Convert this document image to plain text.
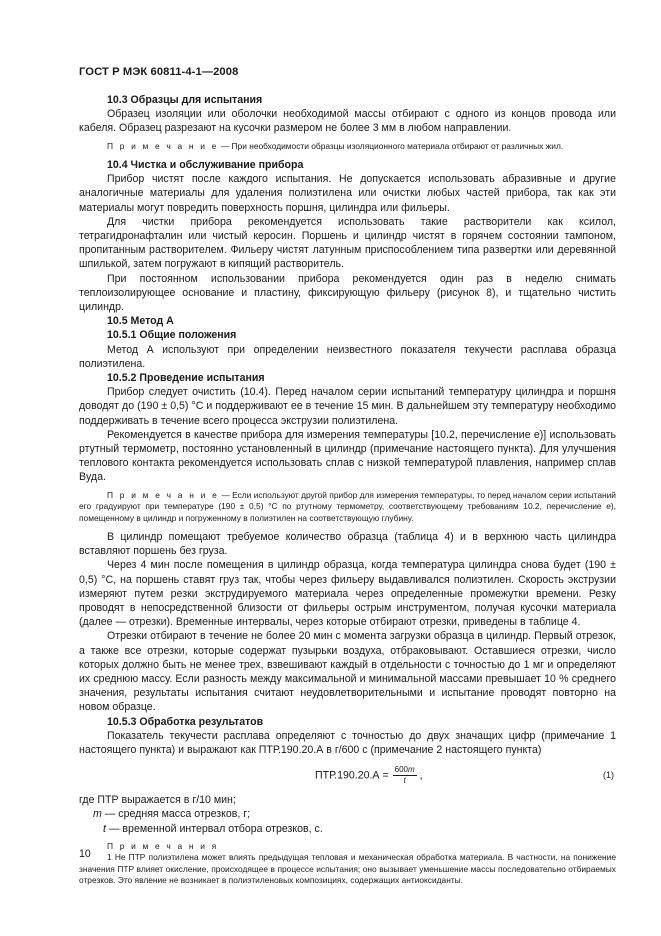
ГОСТ Р МЭК 60811-4-1—2008

10.3 Образцы для испытания

Образец изоляции или оболочки необходимой массы отбирают с одного из концов провода или кабеля. Образец разрезают на кусочки размером не более 3 мм в любом направлении.

П р и м е ч а н и е — При необходимости образцы изоляционного материала отбирают от различных жил.

10.4 Чистка и обслуживание прибора

Прибор чистят после каждого испытания. Не допускается использовать абразивные и другие аналогичные материалы для удаления полиэтилена или очистки любых частей прибора, так как эти материалы могут повредить поверхность поршня, цилиндра или фильеры.

Для чистки прибора рекомендуется использовать такие растворители как ксилол, тетрагидронафталин или чистый керосин. Поршень и цилиндр чистят в горячем состоянии тампоном, пропитанным растворителем. Фильеру чистят латунным приспособлением типа развертки или деревянной шпилькой, затем погружают в кипящий растворитель.

При постоянном использовании прибора рекомендуется один раз в неделю снимать теплоизолирующее основание и пластину, фиксирующую фильеру (рисунок 8), и тщательно чистить цилиндр.

10.5 Метод А

10.5.1 Общие положения

Метод А используют при определении неизвестного показателя текучести расплава образца полиэтилена.

10.5.2 Проведение испытания

Прибор следует очистить (10.4). Перед началом серии испытаний температуру цилиндра и поршня доводят до (190 ± 0,5) °С и поддерживают ее в течение 15 мин. В дальнейшем эту температуру необходимо поддерживать в течение всего процесса экструзии полиэтилена.

Рекомендуется в качестве прибора для измерения температуры [10.2, перечисление е)] использовать ртутный термометр, постоянно установленный в цилиндр (примечание настоящего пункта). Для улучшения теплового контакта рекомендуется использовать сплав с низкой температурой плавления, например сплав Вуда.

П р и м е ч а н и е — Если используют другой прибор для измерения температуры, то перед началом серии испытаний его градуируют при температуре (190 ± 0,5) °С по ртутному термометру, соответствующему требованиям 10.2, перечисление е), помещенному в цилиндр и погруженному в полиэтилен на соответствующую глубину.

В цилиндр помещают требуемое количество образца (таблица 4) и в верхнюю часть цилиндра вставляют поршень без груза.

Через 4 мин после помещения в цилиндр образца, когда температура цилиндра снова будет (190 ± 0,5) °С, на поршень ставят груз так, чтобы через фильеру выдавливался полиэтилен. Скорость экструзии измеряют путем резки экструдируемого материала через определенные промежутки времени. Резку проводят в непосредственной близости от фильеры острым инструментом, получая кусочки материала (далее — отрезки). Временные интервалы, через которые отбирают отрезки, приведены в таблице 4.

Отрезки отбирают в течение не более 20 мин с момента загрузки образца в цилиндр. Первый отрезок, а также все отрезки, которые содержат пузырьки воздуха, отбраковывают. Оставшиеся отрезки, число которых должно быть не менее трех, взвешивают каждый в отдельности с точностью до 1 мг и определяют их среднюю массу. Если разность между максимальной и минимальной массами превышает 10 % среднего значения, результаты испытания считают неудовлетворительными и испытание проводят повторно на новом образце.

10.5.3 Обработка результатов

Показатель текучести расплава определяют с точностью до двух значащих цифр (примечание 1 настоящего пункта) и выражают как ПТР.190.20.А в г/600 с (примечание 2 настоящего пункта)

$ПТР.190.20.А = \frac{600m}{t}$ ,	(1)

где ПТР выражается в г/10 мин;

m — средняя масса отрезков, г;

t — временной интервал отбора отрезков, с.

П р и м е ч а н и я

1 Не ПТР полиэтилена может влиять предыдущая тепловая и механическая обработка материала. В частности, на понижение значения ПТР влияет окисление, происходящее в процессе испытания; оно вызывает уменьшение массы последовательно отбираемых отрезков. Это явление не возникает в полиэтиленовых композициях, содержащих антиоксиданты.

10
